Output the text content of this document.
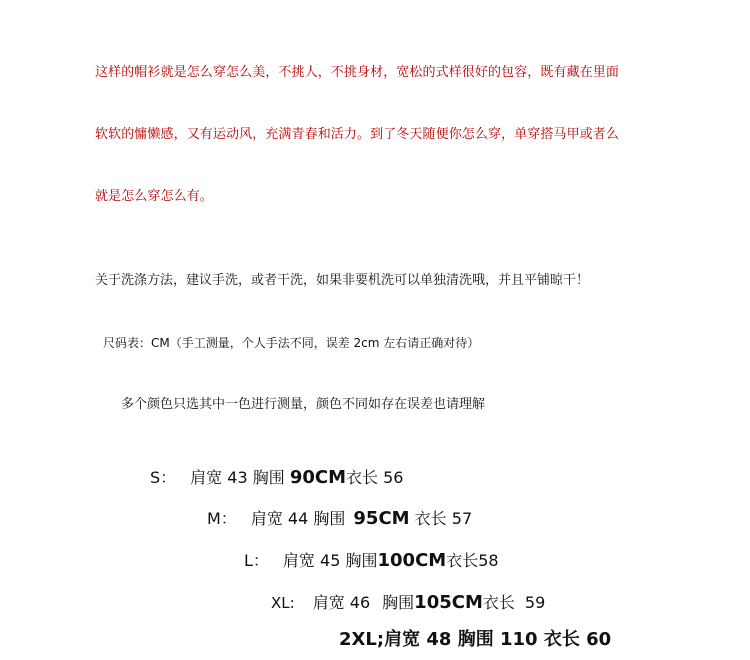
这样的帽衫就是怎么穿怎么美，不挑人，不挑身材，宽松的式样很好的包容，既有藏在里面
软软的慵懒感，又有运动风，充满青春和活力。到了冬天随便你怎么穿，单穿搭马甲或者么
就是怎么穿怎么有。
关于洗涤方法，建议手洗，或者干洗，如果非要机洗可以单独清洗哦，并且平铺晾干！
尺码表：CM（手工测量，个人手法不同，误差 2cm 左右请正确对待）
多个颜色只选其中一色进行测量，颜色不同如存在误差也请理解
S： 肩宽 43 胸围 90CM衣长 56
M： 肩宽 44 胸围 95CM 衣长 57
L： 肩宽 45 胸围100CM衣长58
XL: 肩宽 46 胸围105CM衣长 59
2XL;肩宽 48 胸围 110 衣长 60
